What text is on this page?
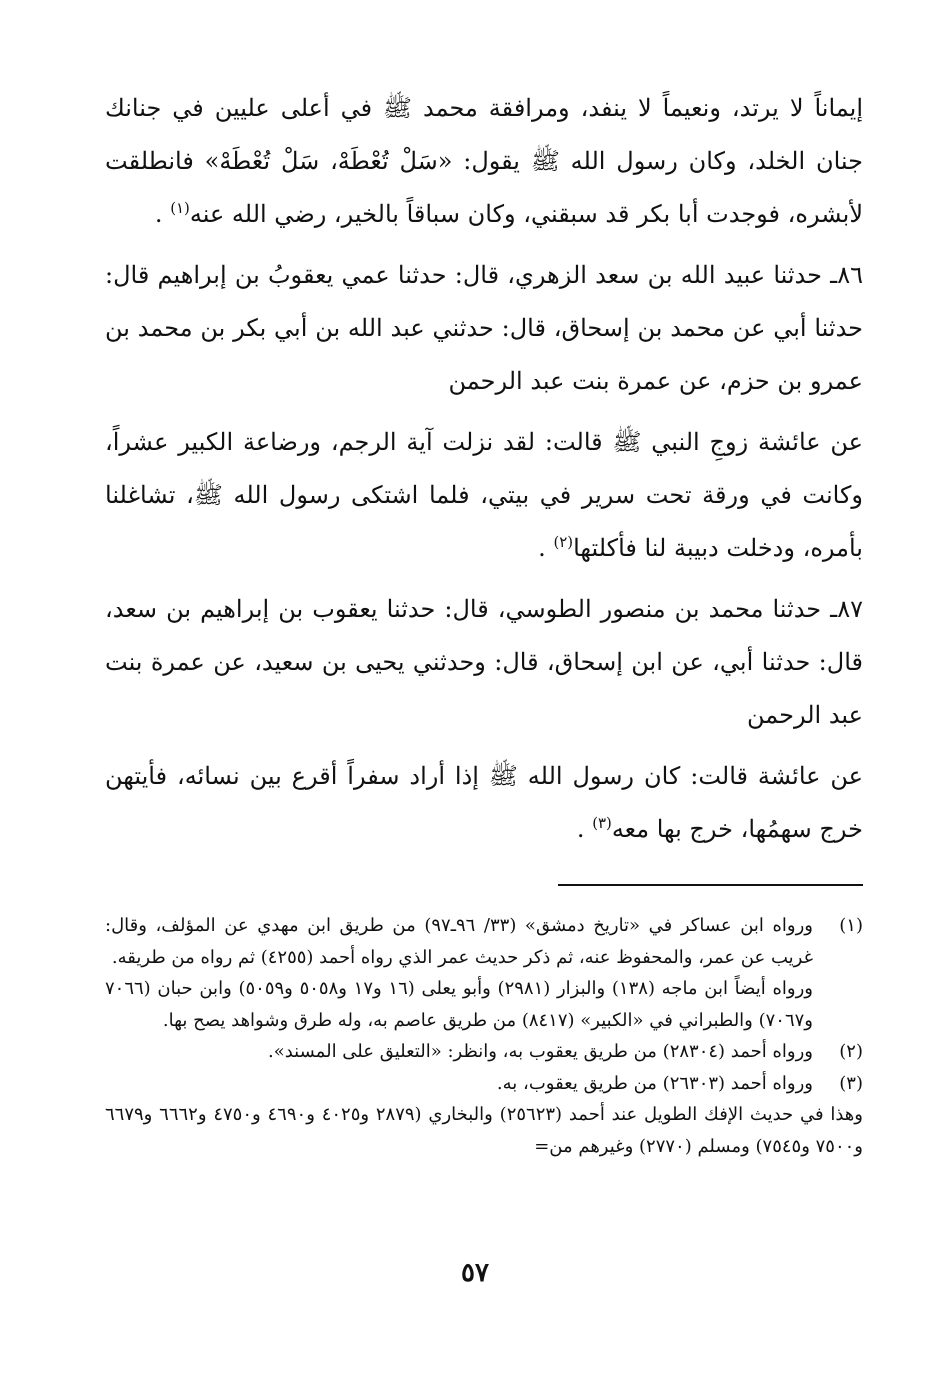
إيماناً لا يرتد، ونعيماً لا ينفد، ومرافقة محمد ﷺ في أعلى عليين في جنانك جنان الخلد، وكان رسول الله ﷺ يقول: «سَلْ تُعْطَهْ، سَلْ تُعْطَهْ» فانطلقت لأبشره، فوجدت أبا بكر قد سبقني، وكان سباقاً بالخير، رضي الله عنه$^{(١)}$ .

٨٦ـ حدثنا عبيد الله بن سعد الزهري، قال: حدثنا عمي يعقوبُ بن إبراهيم قال: حدثنا أبي عن محمد بن إسحاق، قال: حدثني عبد الله بن أبي بكر بن محمد بن عمرو بن حزم، عن عمرة بنت عبد الرحمن

عن عائشة زوجِ النبي ﷺ قالت: لقد نزلت آية الرجم، ورضاعة الكبير عشراً، وكانت في ورقة تحت سرير في بيتي، فلما اشتكى رسول الله ﷺ، تشاغلنا بأمره، ودخلت دبيبة لنا فأكلتها$^{(٢)}$ .

٨٧ـ حدثنا محمد بن منصور الطوسي، قال: حدثنا يعقوب بن إبراهيم بن سعد، قال: حدثنا أبي، عن ابن إسحاق، قال: وحدثني يحيى بن سعيد، عن عمرة بنت عبد الرحمن

عن عائشة قالت: كان رسول الله ﷺ إذا أراد سفراً أقرع بين نسائه، فأيتهن خرج سهمُها، خرج بها معه$^{(٣)}$ .

(١)

ورواه ابن عساكر في «تاريخ دمشق» (٣٣/ ٩٦ـ٩٧) من طريق ابن مهدي عن المؤلف، وقال: غريب عن عمر، والمحفوظ عنه، ثم ذكر حديث عمر الذي رواه أحمد (٤٢٥٥) ثم رواه من طريقه.

ورواه أيضاً ابن ماجه (١٣٨) والبزار (٢٩٨١) وأبو يعلى (١٦ و١٧ و٥٠٥٨ و٥٠٥٩) وابن حبان (٧٠٦٦ و٧٠٦٧) والطبراني في «الكبير» (٨٤١٧) من طريق عاصم به، وله طرق وشواهد يصح بها.

(٢)

ورواه أحمد (٢٨٣٠٤) من طريق يعقوب به، وانظر: «التعليق على المسند».

(٣)

ورواه أحمد (٢٦٣٠٣) من طريق يعقوب، به.

وهذا في حديث الإفك الطويل عند أحمد (٢٥٦٢٣) والبخاري (٢٨٧٩ و٤٠٢٥ و٤٦٩٠ و٤٧٥٠ و٦٦٦٢ و٦٦٧٩ و٧٥٠٠ و٧٥٤٥) ومسلم (٢٧٧٠) وغيرهم من=

٥٧
